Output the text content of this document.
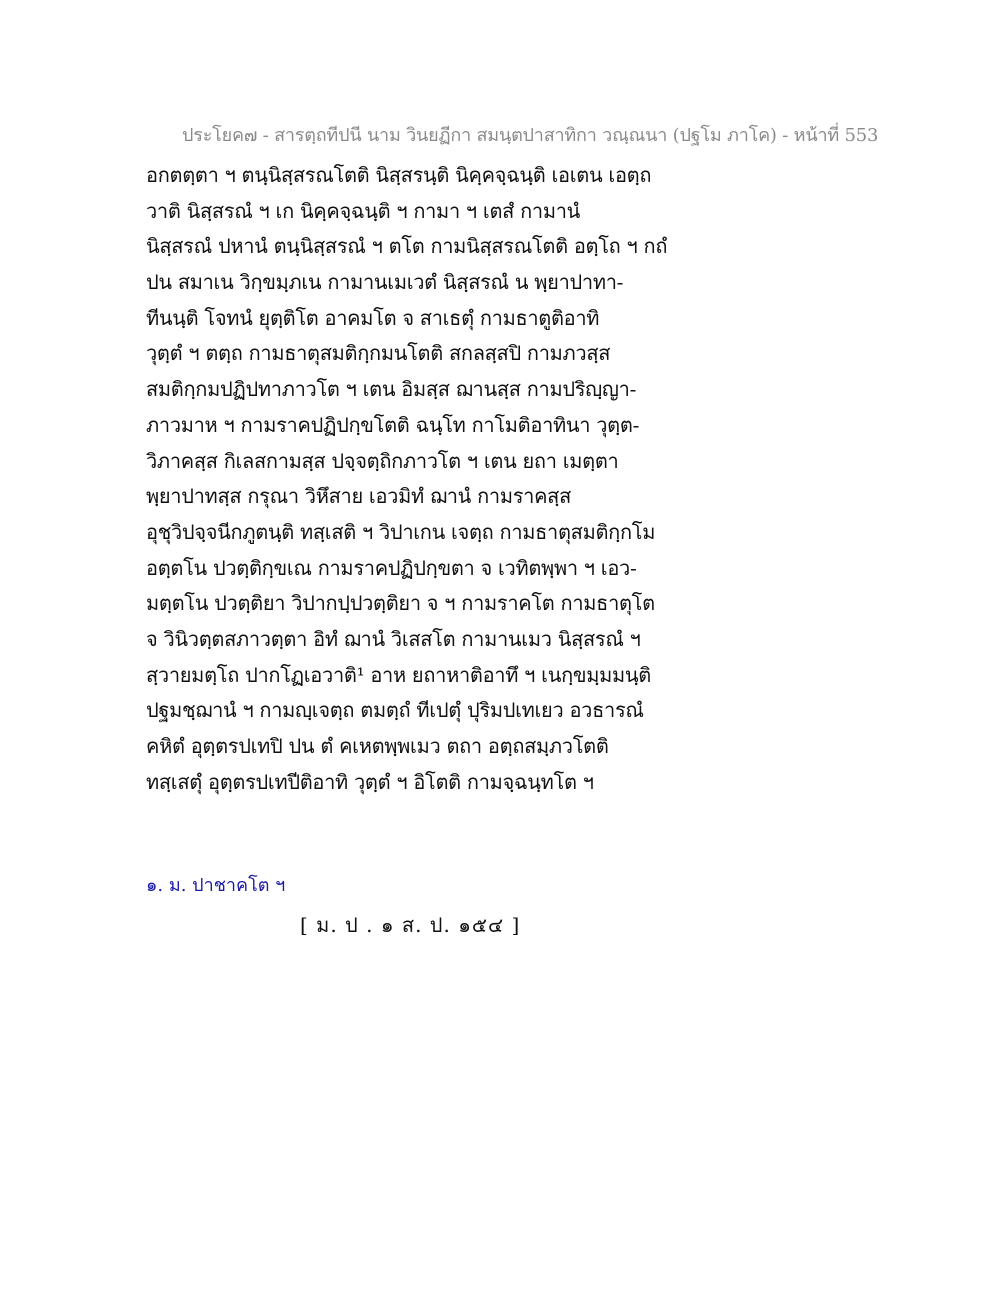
ประโยค๗ - สารตฺถทีปนี นาม วินยฏีกา สมนฺตปาสาทิกา วณฺณนา (ปฐโม ภาโค) - หน้าที่ 553
อกตตฺตา ฯ ตนฺนิสฺสรณโตติ นิสฺสรนฺติ นิคฺคจฺฉนฺติ เอเตน เอตฺถ
วาติ นิสฺสรณํ ฯ เก นิคฺคจฺฉนฺติ ฯ กามา ฯ เตสํ กามานํ
นิสฺสรณํ ปหานํ ตนฺนิสฺสรณํ ฯ ตโต กามนิสฺสรณโตติ อตฺโถ ฯ กถํ
ปน สมาเน วิกฺขมฺภเน กามานเมเวตํ นิสฺสรณํ น พฺยาปาทา-
ทีนนฺติ โจทนํ ยุตฺติโต อาคมโต จ สาเธตุํ กามธาตูติอาทิ
วุตฺตํ ฯ ตตฺถ กามธาตุสมติกฺกมนโตติ สกลสฺสปิ กามภวสฺส
สมติกฺกมปฏิปทาภาวโต ฯ เตน อิมสฺส ฌานสฺส กามปริญฺญา-
ภาวมาห ฯ กามราคปฏิปกฺขโตติ ฉนฺโท กาโมติอาทินา วุตฺต-
วิภาคสฺส กิเลสกามสฺส ปจฺจตฺถิกภาวโต ฯ เตน ยถา เมตฺตา
พฺยาปาทสฺส กรุณา วิหึสาย เอวมิทํ ฌานํ กามราคสฺส
อุชุวิปจฺจนีกภูตนฺติ ทสฺเสติ ฯ วิปาเกน เจตฺถ กามธาตุสมติกฺกโม
อตฺตโน ปวตฺติกฺขเณ กามราคปฏิปกฺขตา จ เวทิตพฺพา ฯ เอว-
มตฺตโน ปวตฺติยา วิปากปฺปวตฺติยา จ ฯ กามราคโต กามธาตุโต
จ วินิวตฺตสภาวตฺตา อิทํ ฌานํ วิเสสโต กามานเมว นิสฺสรณํ ฯ
สฺวายมตฺโถ ปากโฏเอวาติ¹ อาห ยถาหาติอาทึ ฯ เนกฺขมฺมมนฺติ
ปฐมชฺฌานํ ฯ กามญฺเจตฺถ ตมตฺถํ ทีเปตุํ ปุริมปเทเยว อวธารณํ
คหิตํ อุตฺตรปเทปิ ปน ตํ คเหตพฺพเมว ตถา อตฺถสมฺภวโตติ
ทสฺเสตุํ อุตฺตรปเทปีติอาทิ วุตฺตํ ฯ อิโตติ กามจฺฉนฺทโต ฯ
๑. ม. ปาชาคโต ฯ
[ ม. ป . ๑ ส. ป. ๑๕๔ ]
